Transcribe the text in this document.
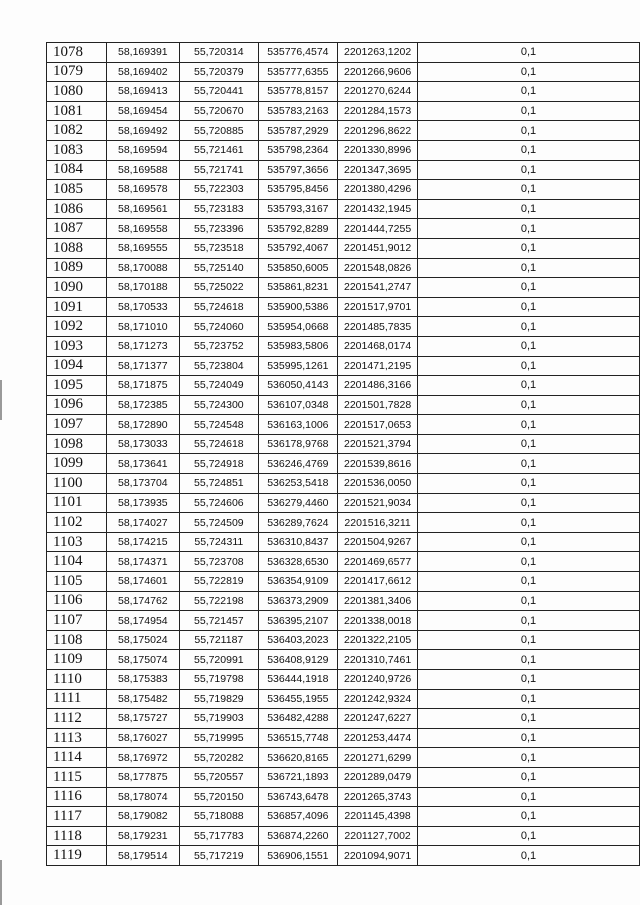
1078	58,169391	55,720314	535776,4574	2201263,1202	0,1
1079	58,169402	55,720379	535777,6355	2201266,9606	0,1
1080	58,169413	55,720441	535778,8157	2201270,6244	0,1
1081	58,169454	55,720670	535783,2163	2201284,1573	0,1
1082	58,169492	55,720885	535787,2929	2201296,8622	0,1
1083	58,169594	55,721461	535798,2364	2201330,8996	0,1
1084	58,169588	55,721741	535797,3656	2201347,3695	0,1
1085	58,169578	55,722303	535795,8456	2201380,4296	0,1
1086	58,169561	55,723183	535793,3167	2201432,1945	0,1
1087	58,169558	55,723396	535792,8289	2201444,7255	0,1
1088	58,169555	55,723518	535792,4067	2201451,9012	0,1
1089	58,170088	55,725140	535850,6005	2201548,0826	0,1
1090	58,170188	55,725022	535861,8231	2201541,2747	0,1
1091	58,170533	55,724618	535900,5386	2201517,9701	0,1
1092	58,171010	55,724060	535954,0668	2201485,7835	0,1
1093	58,171273	55,723752	535983,5806	2201468,0174	0,1
1094	58,171377	55,723804	535995,1261	2201471,2195	0,1
1095	58,171875	55,724049	536050,4143	2201486,3166	0,1
1096	58,172385	55,724300	536107,0348	2201501,7828	0,1
1097	58,172890	55,724548	536163,1006	2201517,0653	0,1
1098	58,173033	55,724618	536178,9768	2201521,3794	0,1
1099	58,173641	55,724918	536246,4769	2201539,8616	0,1
1100	58,173704	55,724851	536253,5418	2201536,0050	0,1
1101	58,173935	55,724606	536279,4460	2201521,9034	0,1
1102	58,174027	55,724509	536289,7624	2201516,3211	0,1
1103	58,174215	55,724311	536310,8437	2201504,9267	0,1
1104	58,174371	55,723708	536328,6530	2201469,6577	0,1
1105	58,174601	55,722819	536354,9109	2201417,6612	0,1
1106	58,174762	55,722198	536373,2909	2201381,3406	0,1
1107	58,174954	55,721457	536395,2107	2201338,0018	0,1
1108	58,175024	55,721187	536403,2023	2201322,2105	0,1
1109	58,175074	55,720991	536408,9129	2201310,7461	0,1
1110	58,175383	55,719798	536444,1918	2201240,9726	0,1
1111	58,175482	55,719829	536455,1955	2201242,9324	0,1
1112	58,175727	55,719903	536482,4288	2201247,6227	0,1
1113	58,176027	55,719995	536515,7748	2201253,4474	0,1
1114	58,176972	55,720282	536620,8165	2201271,6299	0,1
1115	58,177875	55,720557	536721,1893	2201289,0479	0,1
1116	58,178074	55,720150	536743,6478	2201265,3743	0,1
1117	58,179082	55,718088	536857,4096	2201145,4398	0,1
1118	58,179231	55,717783	536874,2260	2201127,7002	0,1
1119	58,179514	55,717219	536906,1551	2201094,9071	0,1
